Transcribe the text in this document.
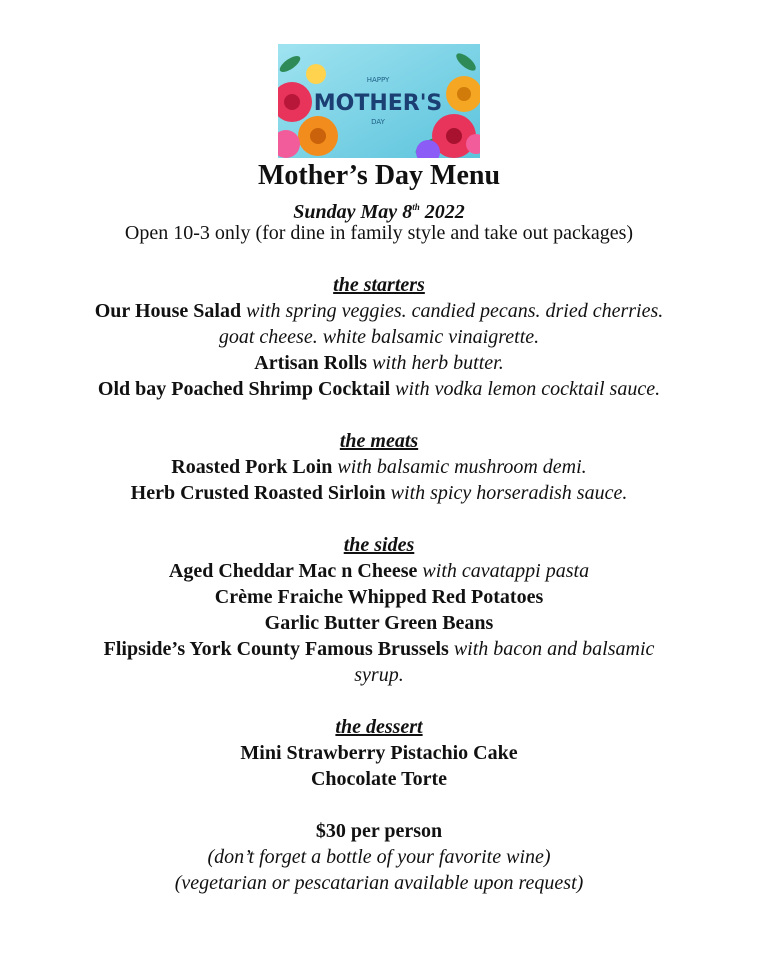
HAPPY
MOTHER'S
DAY
Mother’s Day Menu
Sunday May 8th 2022
Open 10-3 only (for dine in family style and take out packages)
the starters
Our House Salad with spring veggies. candied pecans. dried cherries.
goat cheese. white balsamic vinaigrette.
Artisan Rolls with herb butter.
Old bay Poached Shrimp Cocktail with vodka lemon cocktail sauce.
the meats
Roasted Pork Loin with balsamic mushroom demi.
Herb Crusted Roasted Sirloin with spicy horseradish sauce.
the sides
Aged Cheddar Mac n Cheese with cavatappi pasta
Crème Fraiche Whipped Red Potatoes
Garlic Butter Green Beans
Flipside’s York County Famous Brussels with bacon and balsamic
syrup.
the dessert
Mini Strawberry Pistachio Cake
Chocolate Torte
$30 per person
(don’t forget a bottle of your favorite wine)
(vegetarian or pescatarian available upon request)
